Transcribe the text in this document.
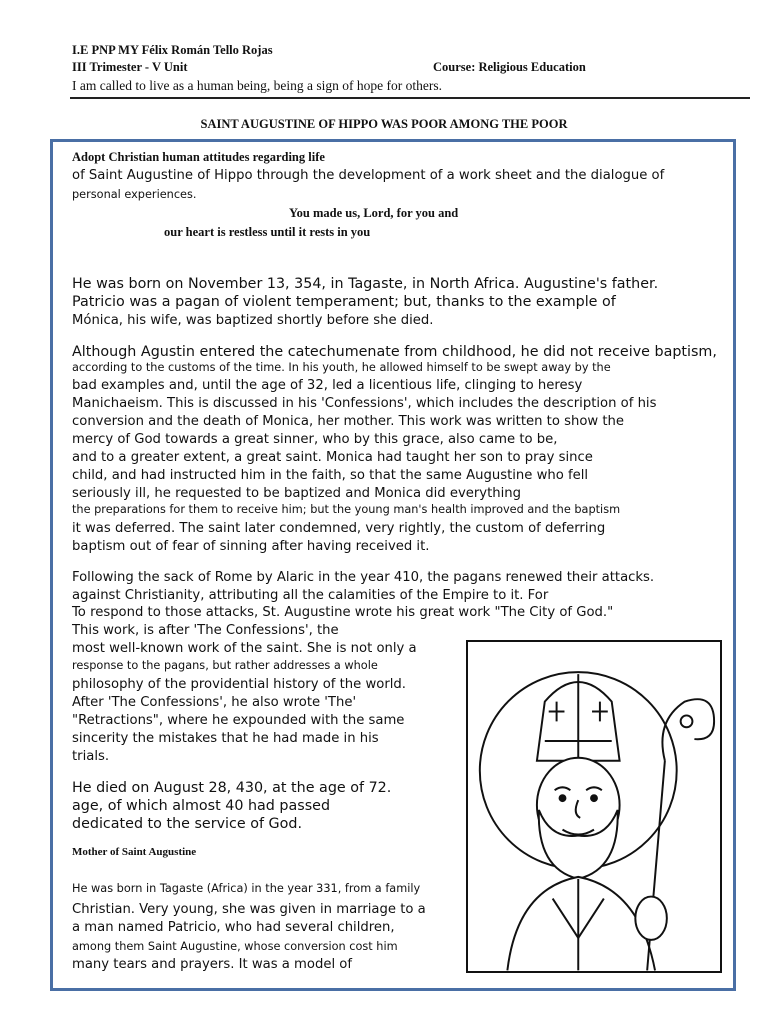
I.E PNP MY Félix Román Tello Rojas
III Trimester - V Unit	Course: Religious Education
I am called to live as a human being, being a sign of hope for others.
SAINT AUGUSTINE OF HIPPO WAS POOR AMONG THE POOR
Adopt Christian human attitudes regarding life
of Saint Augustine of Hippo through the development of a work sheet and the dialogue of
personal experiences.
You made us, Lord, for you and
our heart is restless until it rests in you
He was born on November 13, 354, in Tagaste, in North Africa. Augustine's father.
Patricio was a pagan of violent temperament; but, thanks to the example of
Mónica, his wife, was baptized shortly before she died.
Although Agustin entered the catechumenate from childhood, he did not receive baptism,
according to the customs of the time. In his youth, he allowed himself to be swept away by the
bad examples and, until the age of 32, led a licentious life, clinging to heresy
Manichaeism. This is discussed in his 'Confessions', which includes the description of his
conversion and the death of Monica, her mother. This work was written to show the
mercy of God towards a great sinner, who by this grace, also came to be,
and to a greater extent, a great saint. Monica had taught her son to pray since
child, and had instructed him in the faith, so that the same Augustine who fell
seriously ill, he requested to be baptized and Monica did everything
the preparations for them to receive him; but the young man's health improved and the baptism
it was deferred. The saint later condemned, very rightly, the custom of deferring
baptism out of fear of sinning after having received it.
Following the sack of Rome by Alaric in the year 410, the pagans renewed their attacks.
against Christianity, attributing all the calamities of the Empire to it. For
To respond to those attacks, St. Augustine wrote his great work "The City of God."
This work, is after 'The Confessions', the
most well-known work of the saint. She is not only a
response to the pagans, but rather addresses a whole
philosophy of the providential history of the world.
After 'The Confessions', he also wrote 'The'
"Retractions", where he expounded with the same
sincerity the mistakes that he had made in his
trials.
He died on August 28, 430, at the age of 72.
age, of which almost 40 had passed
dedicated to the service of God.
Mother of Saint Augustine
He was born in Tagaste (Africa) in the year 331, from a family
Christian. Very young, she was given in marriage to a
a man named Patricio, who had several children,
among them Saint Augustine, whose conversion cost him
many tears and prayers. It was a model of
